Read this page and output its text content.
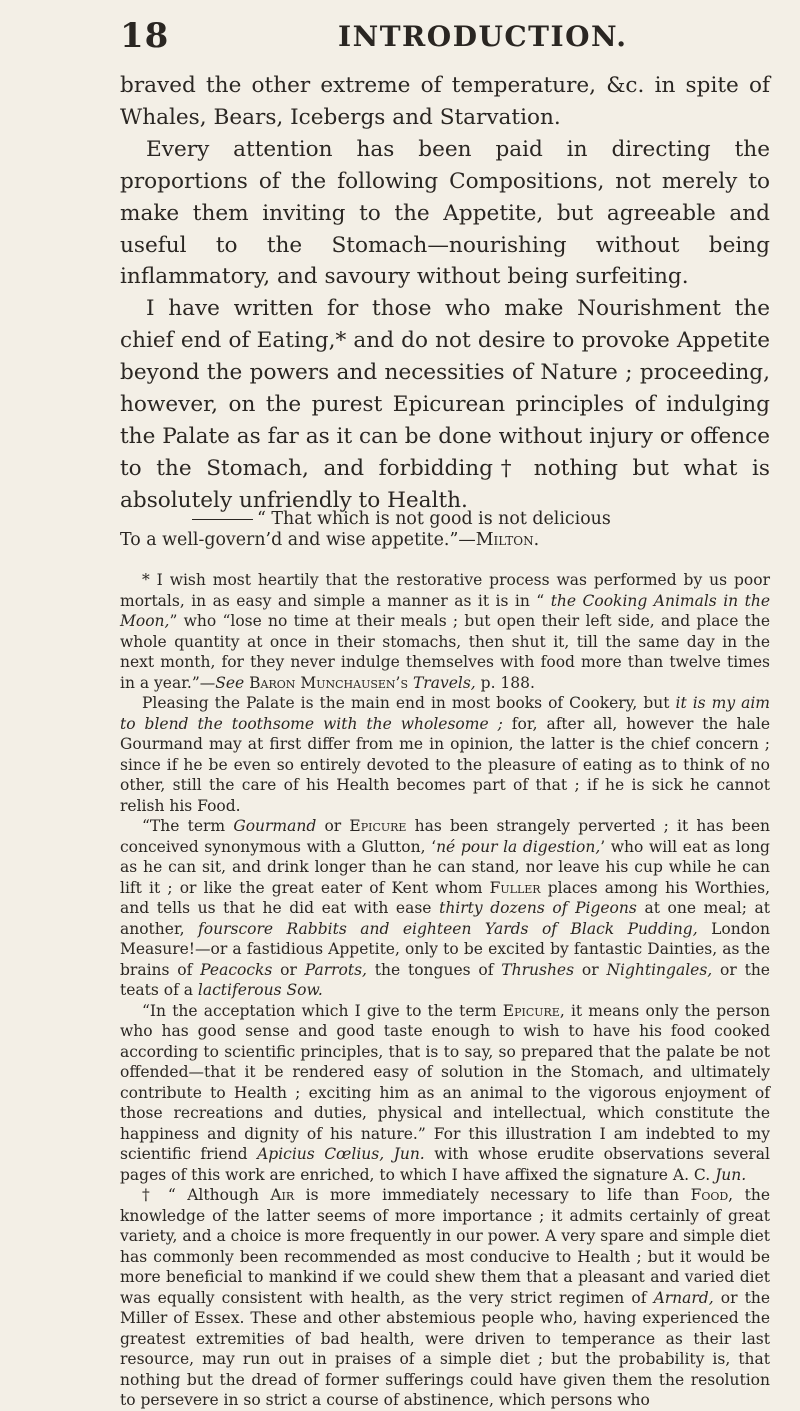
18	INTRODUCTION.

braved the other extreme of temperature, &c. in spite of Whales, Bears, Icebergs and Starvation.

Every attention has been paid in directing the proportions of the following Compositions, not merely to make them inviting to the Appetite, but agreeable and useful to the Stomach—nourishing without being inflammatory, and savoury without being surfeiting.

I have written for those who make Nourishment the chief end of Eating,* and do not desire to provoke Appetite beyond the powers and necessities of Nature ; proceeding, however, on the purest Epicurean principles of indulging the Palate as far as it can be done without injury or offence to the Stomach, and forbidding† nothing but what is absolutely unfriendly to Health.

“ That which is not good is not delicious
To a well-govern’d and wise appetite.”—Milton.

* I wish most heartily that the restorative process was performed by us poor mortals, in as easy and simple a manner as it is in “ the Cooking Animals in the Moon,” who “lose no time at their meals ; but open their left side, and place the whole quantity at once in their stomachs, then shut it, till the same day in the next month, for they never indulge themselves with food more than twelve times in a year.”—See Baron Munchausen’s Travels, p. 188.

Pleasing the Palate is the main end in most books of Cookery, but it is my aim to blend the toothsome with the wholesome ; for, after all, however the hale Gourmand may at first differ from me in opinion, the latter is the chief concern ; since if he be even so entirely devoted to the pleasure of eating as to think of no other, still the care of his Health becomes part of that ; if he is sick he cannot relish his Food.

“The term Gourmand or Epicure has been strangely perverted ; it has been conceived synonymous with a Glutton, ‘né pour la digestion,’ who will eat as long as he can sit, and drink longer than he can stand, nor leave his cup while he can lift it ; or like the great eater of Kent whom Fuller places among his Worthies, and tells us that he did eat with ease thirty dozens of Pigeons at one meal; at another, fourscore Rabbits and eighteen Yards of Black Pudding, London Measure!—or a fastidious Appetite, only to be excited by fantastic Dainties, as the brains of Peacocks or Parrots, the tongues of Thrushes or Nightingales, or the teats of a lactiferous Sow.

“In the acceptation which I give to the term Epicure, it means only the person who has good sense and good taste enough to wish to have his food cooked according to scientific principles, that is to say, so prepared that the palate be not offended—that it be rendered easy of solution in the Stomach, and ultimately contribute to Health ; exciting him as an animal to the vigorous enjoyment of those recreations and duties, physical and intellectual, which constitute the happiness and dignity of his nature.” For this illustration I am indebted to my scientific friend Apicius Cœlius, Jun. with whose erudite observations several pages of this work are enriched, to which I have affixed the signature A. C. Jun.

† “ Although Air is more immediately necessary to life than Food, the knowledge of the latter seems of more importance ; it admits certainly of great variety, and a choice is more frequently in our power. A very spare and simple diet has commonly been recommended as most conducive to Health ; but it would be more beneficial to mankind if we could shew them that a pleasant and varied diet was equally consistent with health, as the very strict regimen of Arnard, or the Miller of Essex. These and other abstemious people who, having experienced the greatest extremities of bad health, were driven to temperance as their last resource, may run out in praises of a simple diet ; but the probability is, that nothing but the dread of former sufferings could have given them the resolution to persevere in so strict a course of abstinence, which persons who
